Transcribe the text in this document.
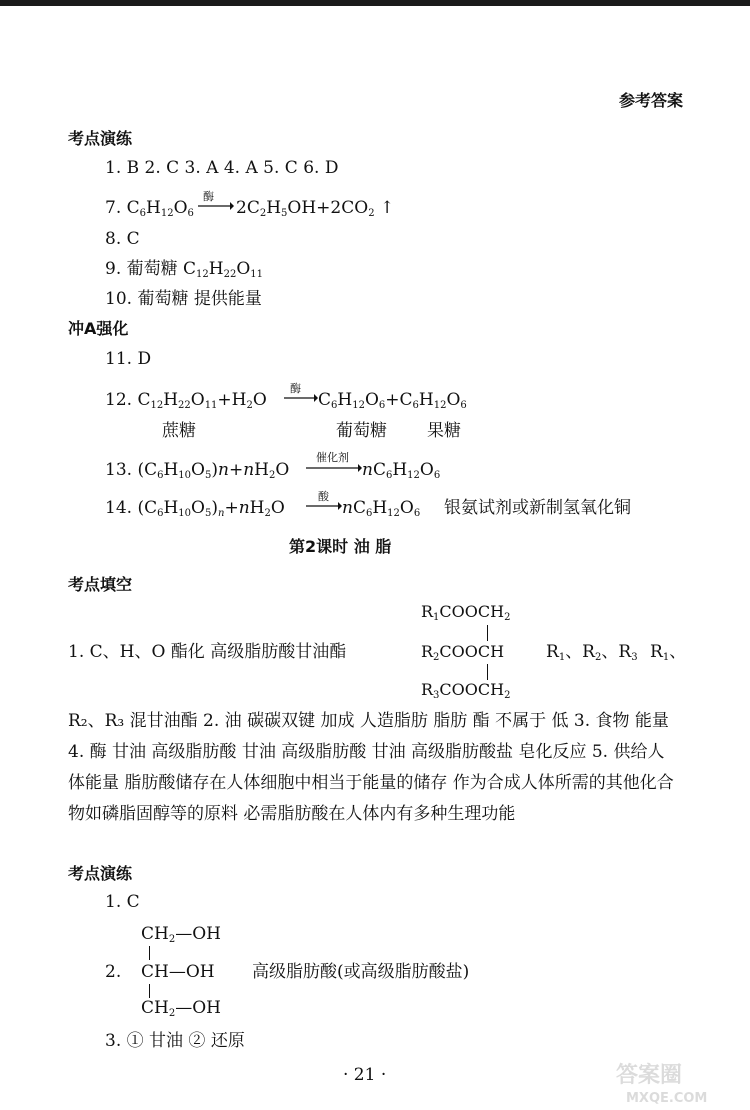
参考答案
考点演练
1. B 2. C 3. A 4. A 5. C 6. D
7. $C_6H_{12}O_6$
酶
→ $2C_2H_5OH+2CO_2$ ↑
8. C
9. 葡萄糖 $C_{12}H_{22}O_{11}$
10. 葡萄糖 提供能量
冲A强化
11. D
12. $C_{12}H_{22}O_{11}+H_2O$
酶
→ $C_6H_{12}O_6+C_6H_{12}O_6$
蔗糖	葡萄糖 果糖
13. $(C_6H_{10}O_5)n+nH_2O$
催化剂
→ $nC_6H_{12}O_6$
14. $(C_6H_{10}O_5)_n+nH_2O$
酸
→ $nC_6H_{12}O_6$ 银氨试剂或新制氢氧化铜
第2课时 油 脂
考点填空
$R_1COOCH_2$
1. C、H、O 酯化 高级脂肪酸甘油酯	$R_2COOCH$ $R_1$、$R_2$、$R_3$ $R_1$、
$R_3COOCH_2$
R₂、R₃ 混甘油酯 2. 油 碳碳双键 加成 人造脂肪 脂肪 酯 不属于 低 3. 食物 能量 4. 酶 甘油 高级脂肪酸 甘油 高级脂肪酸 甘油 高级脂肪酸盐 皂化反应 5. 供给人体能量 脂肪酸储存在人体细胞中相当于能量的储存 作为合成人体所需的其他化合物如磷脂固醇等的原料 必需脂肪酸在人体内有多种生理功能
考点演练
1. C
$CH_2—OH$
2. CH—OH 高级脂肪酸(或高级脂肪酸盐)
$CH_2—OH$
3. ① 甘油 ② 还原
· 21 ·	答案圈
MXQE.COM
